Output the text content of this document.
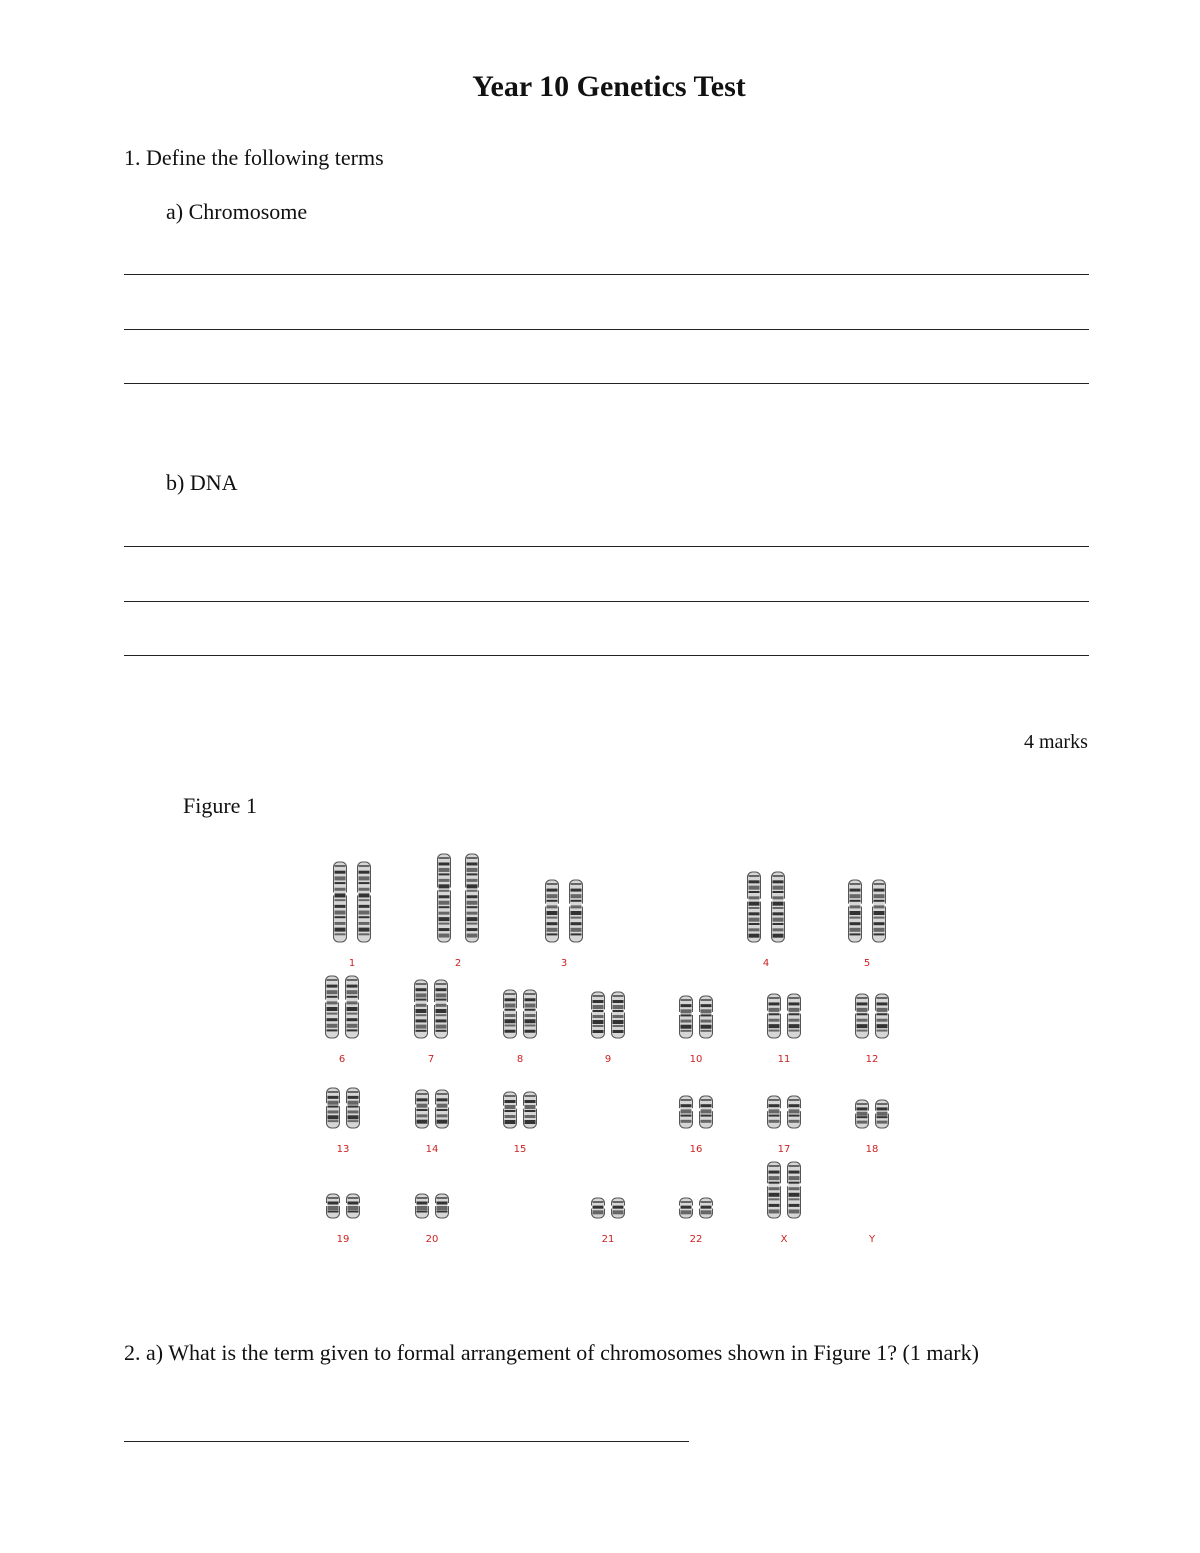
Year 10 Genetics Test
1. Define the following terms
a) Chromosome
b) DNA
4 marks
Figure 1
1	2	3	4	5
6	7	8	9	10	11	12
13	14	15	16	17	18
19	20	21	22	X	Y
2. a) What is the term given to formal arrangement of chromosomes shown in Figure 1? (1 mark)
